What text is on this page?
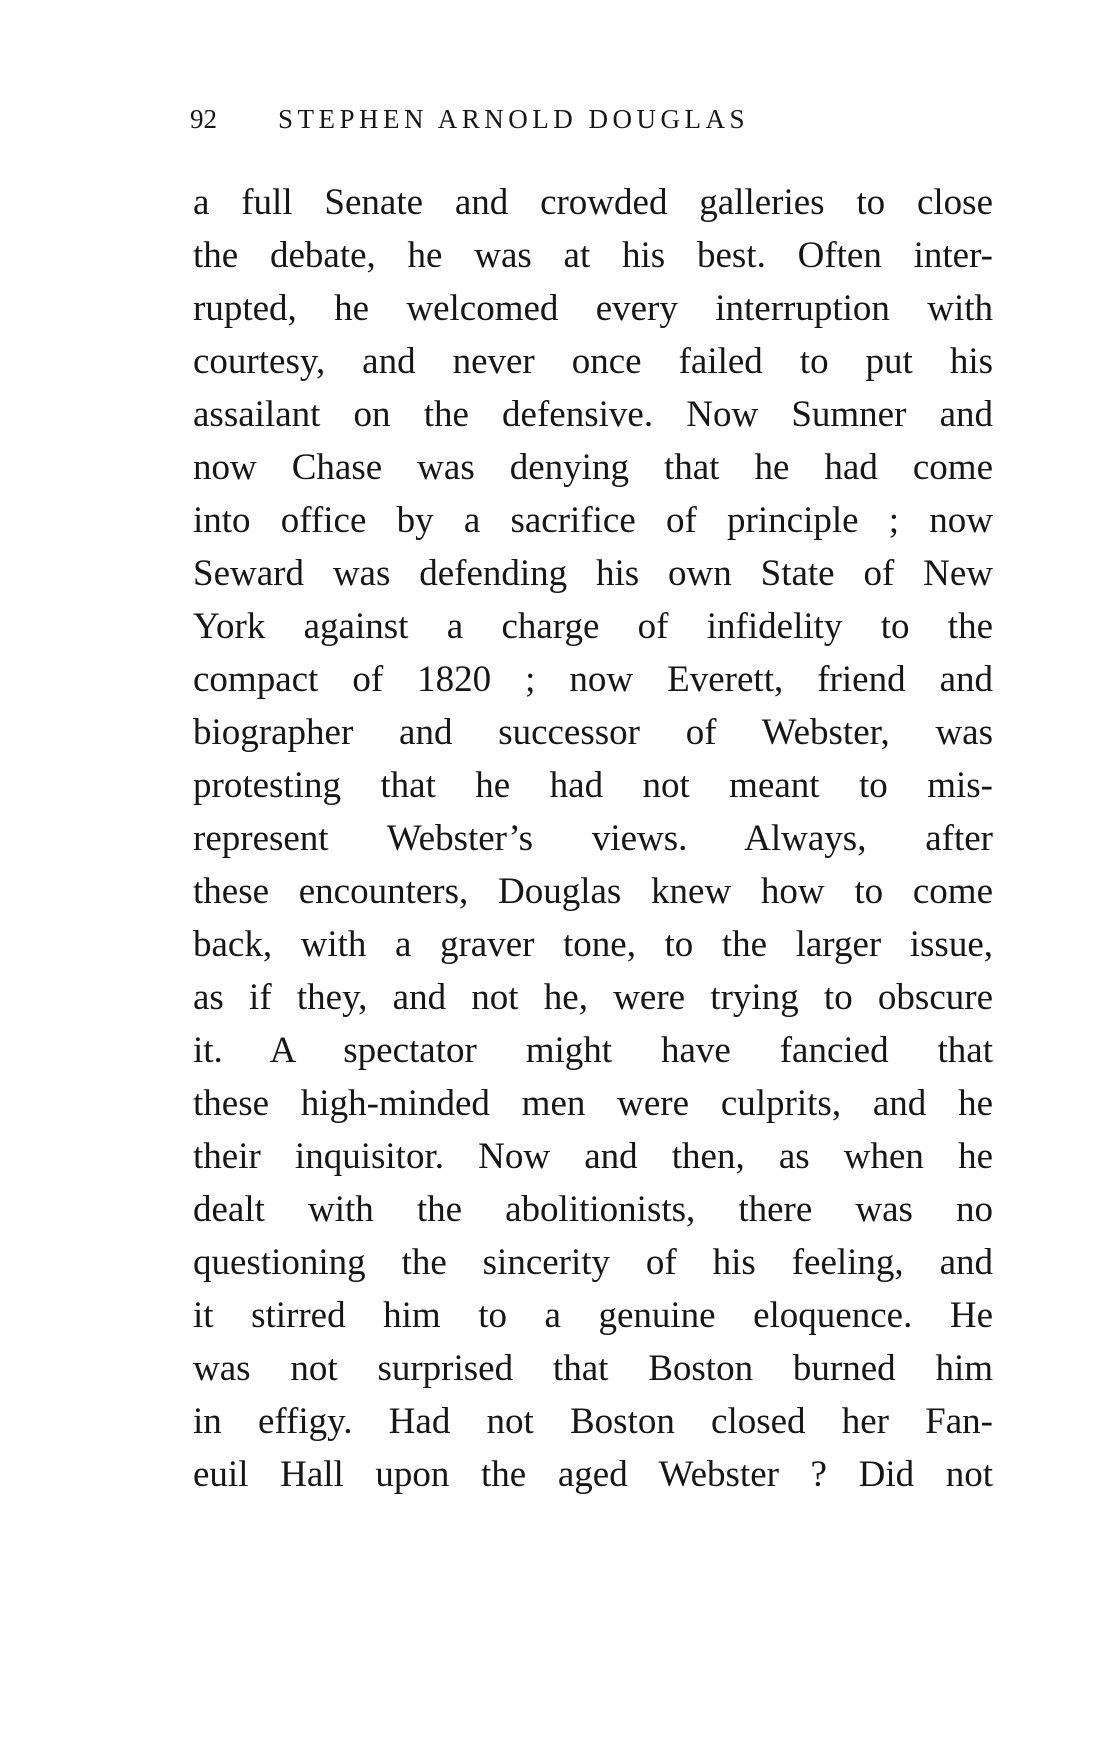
92 STEPHEN ARNOLD DOUGLAS
a full Senate and crowded galleries to close
the debate, he was at his best. Often inter-
rupted, he welcomed every interruption with
courtesy, and never once failed to put his
assailant on the defensive. Now Sumner and
now Chase was denying that he had come
into office by a sacrifice of principle ; now
Seward was defending his own State of New
York against a charge of infidelity to the
compact of 1820 ; now Everett, friend and
biographer and successor of Webster, was
protesting that he had not meant to mis-
represent Webster’s views. Always, after
these encounters, Douglas knew how to come
back, with a graver tone, to the larger issue,
as if they, and not he, were trying to obscure
it. A spectator might have fancied that
these high-minded men were culprits, and he
their inquisitor. Now and then, as when he
dealt with the abolitionists, there was no
questioning the sincerity of his feeling, and
it stirred him to a genuine eloquence. He
was not surprised that Boston burned him
in effigy. Had not Boston closed her Fan-
euil Hall upon the aged Webster ? Did not
